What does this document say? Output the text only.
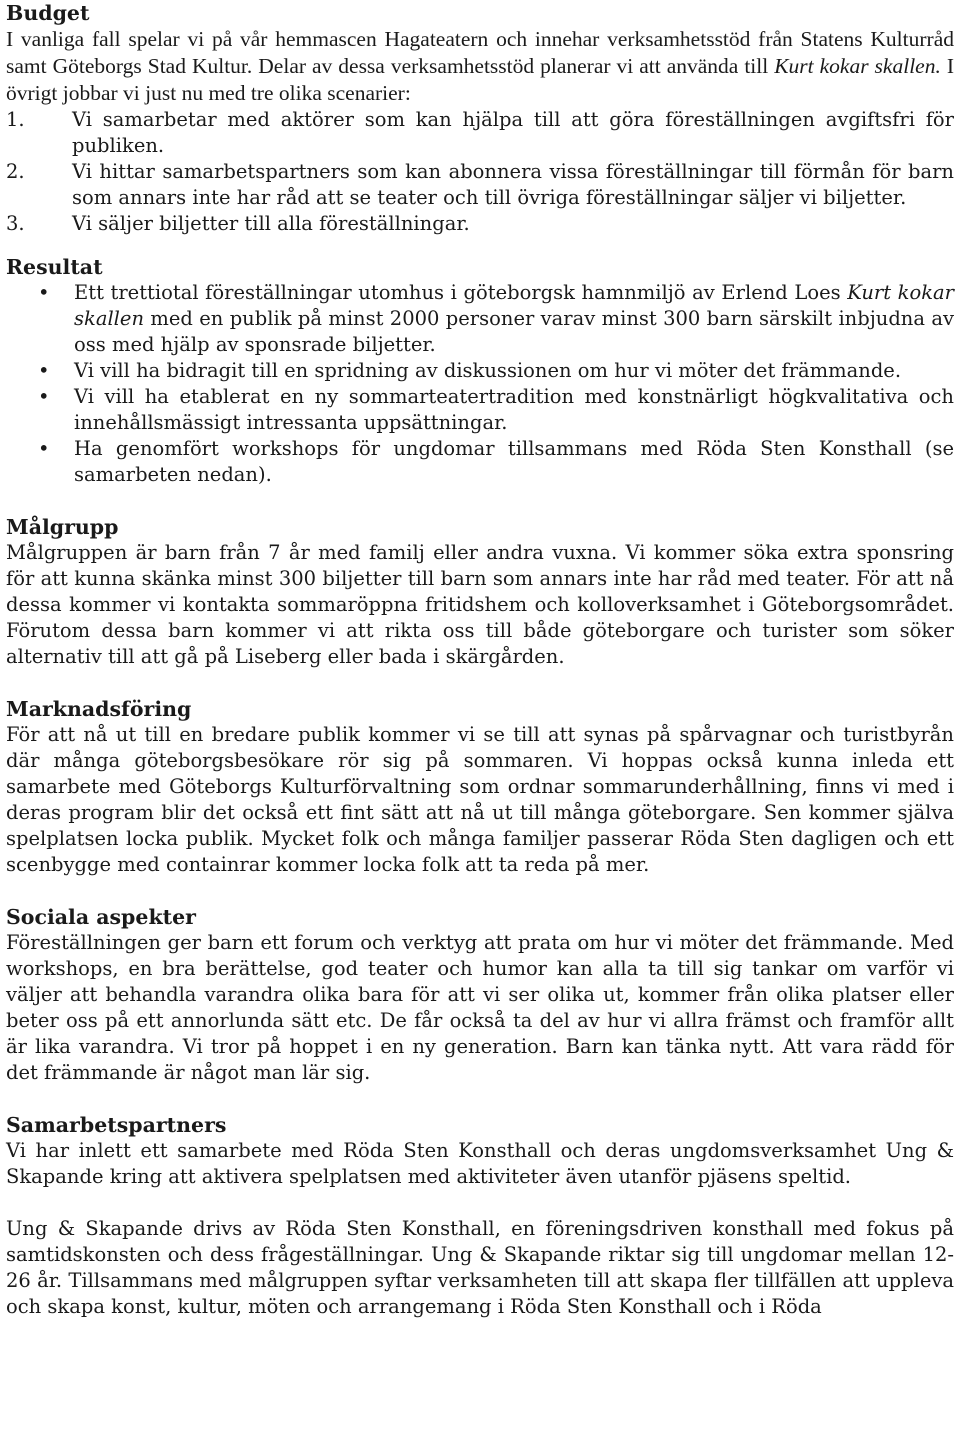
Budget

I vanliga fall spelar vi på vår hemmascen Hagateatern och innehar verksamhetsstöd från Statens Kulturråd samt Göteborgs Stad Kultur. Delar av dessa verksamhetsstöd planerar vi att använda till Kurt kokar skallen. I övrigt jobbar vi just nu med tre olika scenarier:

1.	Vi samarbetar med aktörer som kan hjälpa till att göra föreställningen avgiftsfri för publiken.
2.	Vi hittar samarbetspartners som kan abonnera vissa föreställningar till förmån för barn som annars inte har råd att se teater och till övriga föreställningar säljer vi biljetter.
3.	Vi säljer biljetter till alla föreställningar.
Resultat
• Ett trettiotal föreställningar utomhus i göteborgsk hamnmiljö av Erlend Loes Kurt kokar skallen med en publik på minst 2000 personer varav minst 300 barn särskilt inbjudna av oss med hjälp av sponsrade biljetter.
• Vi vill ha bidragit till en spridning av diskussionen om hur vi möter det främmande.
• Vi vill ha etablerat en ny sommarteatertradition med konstnärligt högkvalitativa och innehållsmässigt intressanta uppsättningar.
• Ha genomfört workshops för ungdomar tillsammans med Röda Sten Konsthall (se samarbeten nedan).
Målgrupp

Målgruppen är barn från 7 år med familj eller andra vuxna. Vi kommer söka extra sponsring för att kunna skänka minst 300 biljetter till barn som annars inte har råd med teater. För att nå dessa kommer vi kontakta sommaröppna fritidshem och kolloverksamhet i Göteborgsområdet. Förutom dessa barn kommer vi att rikta oss till både göteborgare och turister som söker alternativ till att gå på Liseberg eller bada i skärgården.

Marknadsföring

För att nå ut till en bredare publik kommer vi se till att synas på spårvagnar och turistbyrån där många göteborgsbesökare rör sig på sommaren. Vi hoppas också kunna inleda ett samarbete med Göteborgs Kulturförvaltning som ordnar sommarunderhållning, finns vi med i deras program blir det också ett fint sätt att nå ut till många göteborgare. Sen kommer själva spelplatsen locka publik. Mycket folk och många familjer passerar Röda Sten dagligen och ett scenbygge med containrar kommer locka folk att ta reda på mer.

Sociala aspekter

Föreställningen ger barn ett forum och verktyg att prata om hur vi möter det främmande. Med workshops, en bra berättelse, god teater och humor kan alla ta till sig tankar om varför vi väljer att behandla varandra olika bara för att vi ser olika ut, kommer från olika platser eller beter oss på ett annorlunda sätt etc. De får också ta del av hur vi allra främst och framför allt är lika varandra. Vi tror på hoppet i en ny generation. Barn kan tänka nytt. Att vara rädd för det främmande är något man lär sig.

Samarbetspartners

Vi har inlett ett samarbete med Röda Sten Konsthall och deras ungdomsverksamhet Ung & Skapande kring att aktivera spelplatsen med aktiviteter även utanför pjäsens speltid.

Ung & Skapande drivs av Röda Sten Konsthall, en föreningsdriven konsthall med fokus på samtidskonsten och dess frågeställningar. Ung & Skapande riktar sig till ungdomar mellan 12-26 år. Tillsammans med målgruppen syftar verksamheten till att skapa fler tillfällen att uppleva och skapa konst, kultur, möten och arrangemang i Röda Sten Konsthall och i Röda
